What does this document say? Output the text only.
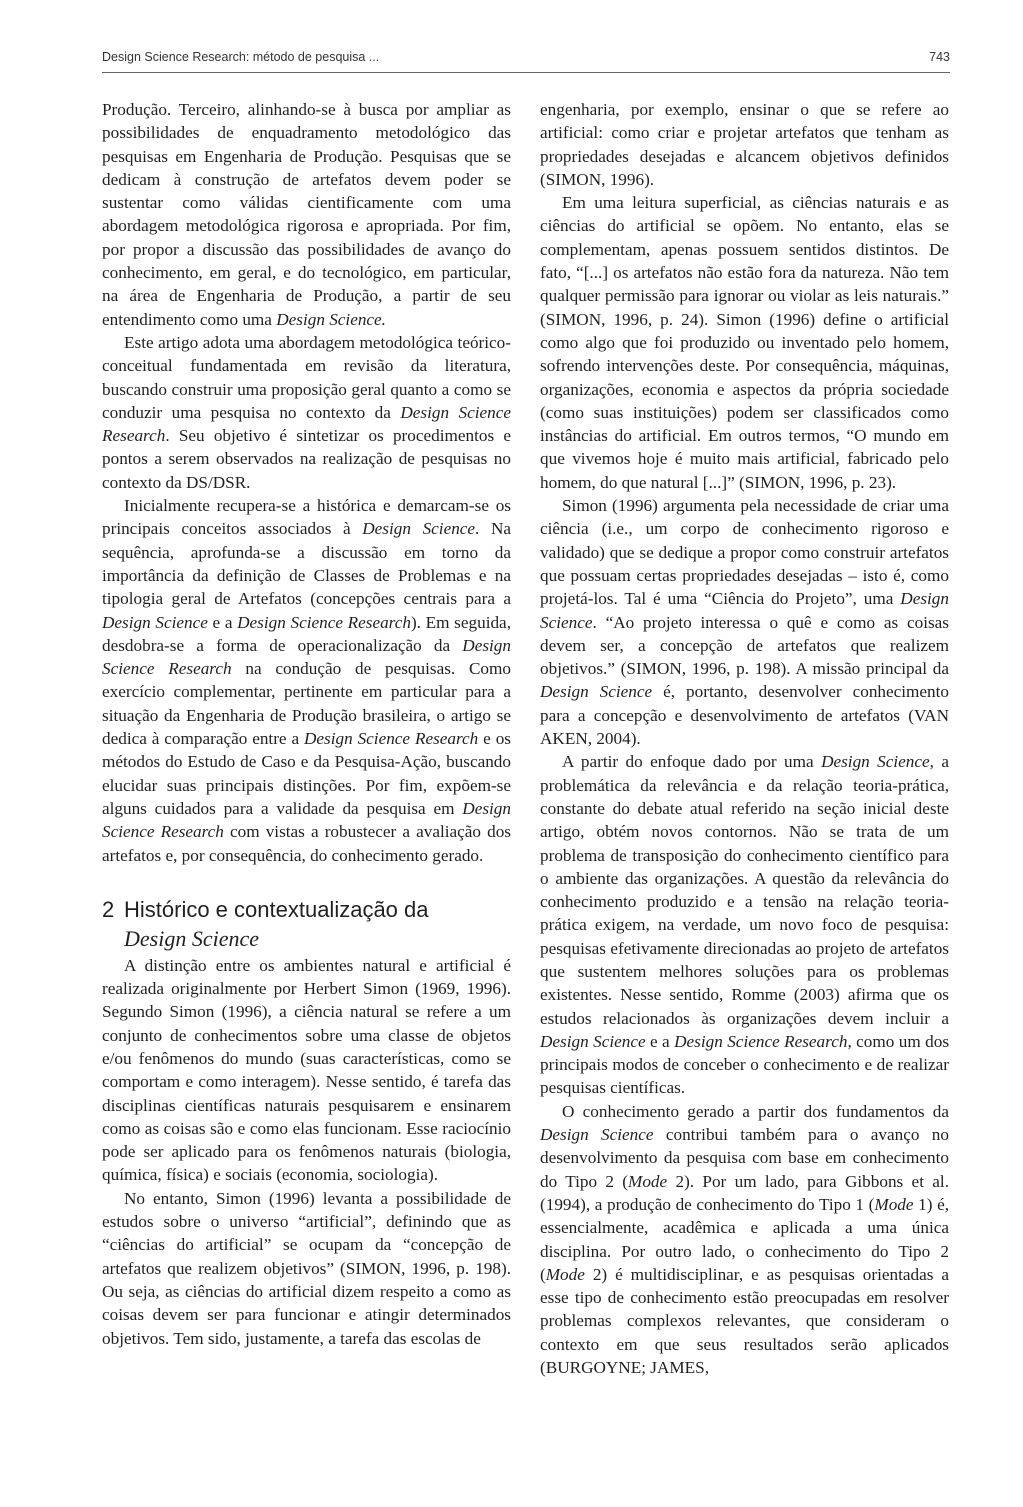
Design Science Research: método de pesquisa ...	743

Produção. Terceiro, alinhando-se à busca por ampliar as possibilidades de enquadramento metodológico das pesquisas em Engenharia de Produção. Pesquisas que se dedicam à construção de artefatos devem poder se sustentar como válidas cientificamente com uma abordagem metodológica rigorosa e apropriada. Por fim, por propor a discussão das possibilidades de avanço do conhecimento, em geral, e do tecnológico, em particular, na área de Engenharia de Produção, a partir de seu entendimento como uma Design Science.

Este artigo adota uma abordagem metodológica teórico-conceitual fundamentada em revisão da literatura, buscando construir uma proposição geral quanto a como se conduzir uma pesquisa no contexto da Design Science Research. Seu objetivo é sintetizar os procedimentos e pontos a serem observados na realização de pesquisas no contexto da DS/DSR.

Inicialmente recupera-se a histórica e demarcam-se os principais conceitos associados à Design Science. Na sequência, aprofunda-se a discussão em torno da importância da definição de Classes de Problemas e na tipologia geral de Artefatos (concepções centrais para a Design Science e a Design Science Research). Em seguida, desdobra-se a forma de operacionalização da Design Science Research na condução de pesquisas. Como exercício complementar, pertinente em particular para a situação da Engenharia de Produção brasileira, o artigo se dedica à comparação entre a Design Science Research e os métodos do Estudo de Caso e da Pesquisa-Ação, buscando elucidar suas principais distinções. Por fim, expõem-se alguns cuidados para a validade da pesquisa em Design Science Research com vistas a robustecer a avaliação dos artefatos e, por consequência, do conhecimento gerado.

2 Histórico e contextualização da
Design Science

A distinção entre os ambientes natural e artificial é realizada originalmente por Herbert Simon (1969, 1996). Segundo Simon (1996), a ciência natural se refere a um conjunto de conhecimentos sobre uma classe de objetos e/ou fenômenos do mundo (suas características, como se comportam e como interagem). Nesse sentido, é tarefa das disciplinas científicas naturais pesquisarem e ensinarem como as coisas são e como elas funcionam. Esse raciocínio pode ser aplicado para os fenômenos naturais (biologia, química, física) e sociais (economia, sociologia).

No entanto, Simon (1996) levanta a possibilidade de estudos sobre o universo “artificial”, definindo que as “ciências do artificial” se ocupam da “concepção de artefatos que realizem objetivos” (SIMON, 1996, p. 198). Ou seja, as ciências do artificial dizem respeito a como as coisas devem ser para funcionar e atingir determinados objetivos. Tem sido, justamente, a tarefa das escolas de

engenharia, por exemplo, ensinar o que se refere ao artificial: como criar e projetar artefatos que tenham as propriedades desejadas e alcancem objetivos definidos (SIMON, 1996).

Em uma leitura superficial, as ciências naturais e as ciências do artificial se opõem. No entanto, elas se complementam, apenas possuem sentidos distintos. De fato, “[...] os artefatos não estão fora da natureza. Não tem qualquer permissão para ignorar ou violar as leis naturais.” (SIMON, 1996, p. 24). Simon (1996) define o artificial como algo que foi produzido ou inventado pelo homem, sofrendo intervenções deste. Por consequência, máquinas, organizações, economia e aspectos da própria sociedade (como suas instituições) podem ser classificados como instâncias do artificial. Em outros termos, “O mundo em que vivemos hoje é muito mais artificial, fabricado pelo homem, do que natural [...]” (SIMON, 1996, p. 23).

Simon (1996) argumenta pela necessidade de criar uma ciência (i.e., um corpo de conhecimento rigoroso e validado) que se dedique a propor como construir artefatos que possuam certas propriedades desejadas – isto é, como projetá-los. Tal é uma “Ciência do Projeto”, uma Design Science. “Ao projeto interessa o quê e como as coisas devem ser, a concepção de artefatos que realizem objetivos.” (SIMON, 1996, p. 198). A missão principal da Design Science é, portanto, desenvolver conhecimento para a concepção e desenvolvimento de artefatos (VAN AKEN, 2004).

A partir do enfoque dado por uma Design Science, a problemática da relevância e da relação teoria-prática, constante do debate atual referido na seção inicial deste artigo, obtém novos contornos. Não se trata de um problema de transposição do conhecimento científico para o ambiente das organizações. A questão da relevância do conhecimento produzido e a tensão na relação teoria-prática exigem, na verdade, um novo foco de pesquisa: pesquisas efetivamente direcionadas ao projeto de artefatos que sustentem melhores soluções para os problemas existentes. Nesse sentido, Romme (2003) afirma que os estudos relacionados às organizações devem incluir a Design Science e a Design Science Research, como um dos principais modos de conceber o conhecimento e de realizar pesquisas científicas.

O conhecimento gerado a partir dos fundamentos da Design Science contribui também para o avanço no desenvolvimento da pesquisa com base em conhecimento do Tipo 2 (Mode 2). Por um lado, para Gibbons et al. (1994), a produção de conhecimento do Tipo 1 (Mode 1) é, essencialmente, acadêmica e aplicada a uma única disciplina. Por outro lado, o conhecimento do Tipo 2 (Mode 2) é multidisciplinar, e as pesquisas orientadas a esse tipo de conhecimento estão preocupadas em resolver problemas complexos relevantes, que consideram o contexto em que seus resultados serão aplicados (BURGOYNE; JAMES,
